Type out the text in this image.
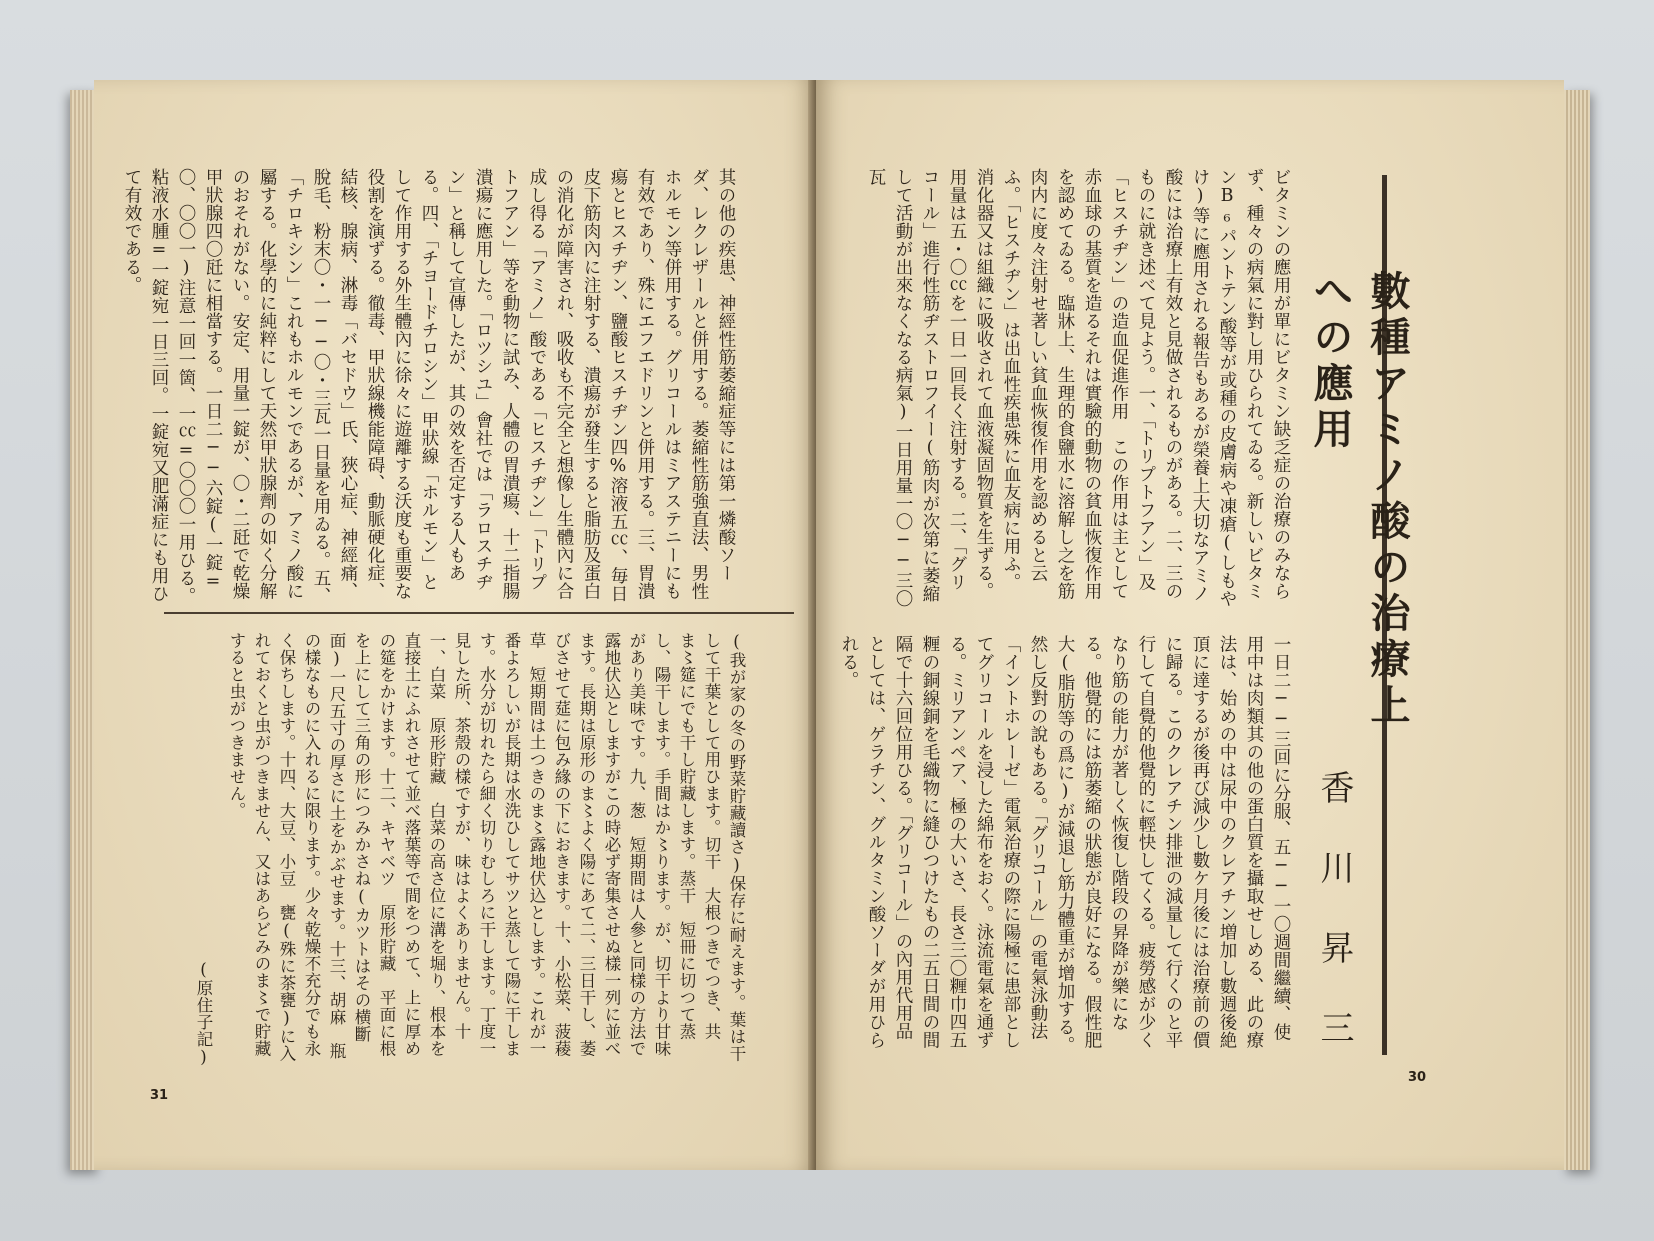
其の他の疾患、神經性筋萎縮症等には第一燐酸ソーダ、レクレザールと併用する。萎縮性筋強直法、男性ホルモン等併用する。グリコールはミアステニーにも有效であり、殊にエフエドリンと併用する。三、胃潰瘍とヒスチヂン、鹽酸ヒスチヂン四%溶液五㏄、毎日皮下筋肉內に注射する、潰瘍が發生すると脂肪及蛋白の消化が障害され、吸收も不完全と想像し生體內に合成し得る「アミノ」酸である「ヒスチヂン」「トリプトフアン」等を動物に試み、人體の胃潰瘍、十二指腸潰瘍に應用した。「ロツシユ」會社では「ラロスチヂン」と稱して宣傳したが、其の效を否定する人もある。四、「チヨードチロシン」甲狀線「ホルモン」として作用する外生體內に徐々に遊離する沃度も重要な役割を演ずる。徹毒、甲狀線機能障碍、動脈硬化症、結核、腺病、淋毒「バセドウ」氏、狹心症、神經痛、脫毛、粉末〇・一──〇・三瓦一日量を用ゐる。五、「チロキシン」これもホルモンであるが、アミノ酸に屬する。化學的に純粹にして天然甲狀腺劑の如く分解のおそれがない。安定、用量一錠が、〇・二瓩で乾燥甲狀腺四〇瓩に相當する。一日二──六錠(一錠=〇、〇〇一)注意一回一箇、一㏄=〇〇〇一用ひる。粘液水腫=一錠宛一日三回。一錠宛又肥滿症にも用ひて有效である。

(我が家の冬の野菜貯藏讀さ)保存に耐えます。葉は干して干葉として用ひます。切干　大根つきでつき、共ま〻筵にでも干し貯藏します。蒸干　短冊に切つて蒸し、陽干します。手間はか〻ります。が、切干より甘味があり美味です。九、葱　短期間は人參と同樣の方法で露地伏込としますがこの時必ず寄集させぬ樣一列に並べます。長期は原形のま〻よく陽にあて二、三日干し、萎びさせて莚に包み緣の下におきます。十、小松菜、菠薐草　短期間は土つきのま〻露地伏込とします。これが一番よろしいが長期は水洗ひしてサツと蒸して陽に干します。水分が切れたら細く切りむしろに干します。丁度一見した所、茶殼の樣ですが、味はよくありません。十一、白菜　原形貯藏　白菜の高さ位に溝を堀り、根本を直接土にふれさせて並べ落葉等で間をつめて、上に厚めの筵をかけます。十二、キヤベツ　原形貯藏　平面に根を上にして三角の形につみかさね(カツトはその横斷面)一尺五寸の厚さに土をかぶせます。十三、胡麻　瓶の樣なものに入れるに限ります。少々乾燥不充分でも永く保ちします。十四、大豆、小豆　甕(殊に茶甕)に入れておくと虫がつきません、又はあらどみのま〻で貯藏すると虫がつきません。

(原住子記)
31

ビタミンの應用が單にビタミン缺乏症の治療のみならず、種々の病氣に對し用ひられてゐる。新しいビタミンB₆パントテン酸等が或種の皮膚病や凍瘡(しもやけ)等に應用される報告もあるが榮養上大切なアミノ酸には治療上有效と見做されるものがある。二、三のものに就き述べて見よう。一、「トリプトフアン」及「ヒスチヂン」の造血促進作用　この作用は主として赤血球の基質を造るそれは實驗的動物の貧血恢復作用を認めてゐる。臨牀上、生理的食鹽水に溶解し之を筋肉内に度々注射せ著しい貧血恢復作用を認めると云ふ。「ヒスチヂン」は出血性疾患殊に血友病に用ふ。消化器又は組織に吸收されて血液凝固物質を生ずる。用量は五・〇㏄を一日一回長く注射する。二、「グリコール」進行性筋ヂストロフイー(筋肉が次第に萎縮して活動が出來なくなる病氣)一日用量一〇──三〇瓦

一日二──三回に分服、五──一〇週間繼續、使用中は肉類其の他の蛋白質を攝取せしめる、此の療法は、始めの中は尿中のクレアチン増加し數週後絶頂に達するが後再び減少し數ケ月後には治療前の價に歸る。このクレアチン排泄の減量して行くのと平行して自覺的他覺的に輕快してくる。疲勞感が少くなり筋の能力が著しく恢復し階段の昇降が樂になる。他覺的には筋萎縮の狀態が良好になる。假性肥大(脂肪等の爲に)が減退し筋力體重が增加する。然し反對の說もある。「グリコール」の電氣泳動法「イントホレーゼ」電氣治療の際に陽極に患部としてグリコールを浸した綿布をおく。泳流電氣を通ずる。ミリアンペア、極の大いさ、長さ三〇糎巾四五糎の銅線銅を毛織物に縫ひつけたもの二五日間の間隔で十六回位用ひる。「グリコール」の內用代用品としては、ゲラチン、グルタミン酸ソーダが用ひられる。	數種アミノ酸の治療上への應用
香川昇三	30
